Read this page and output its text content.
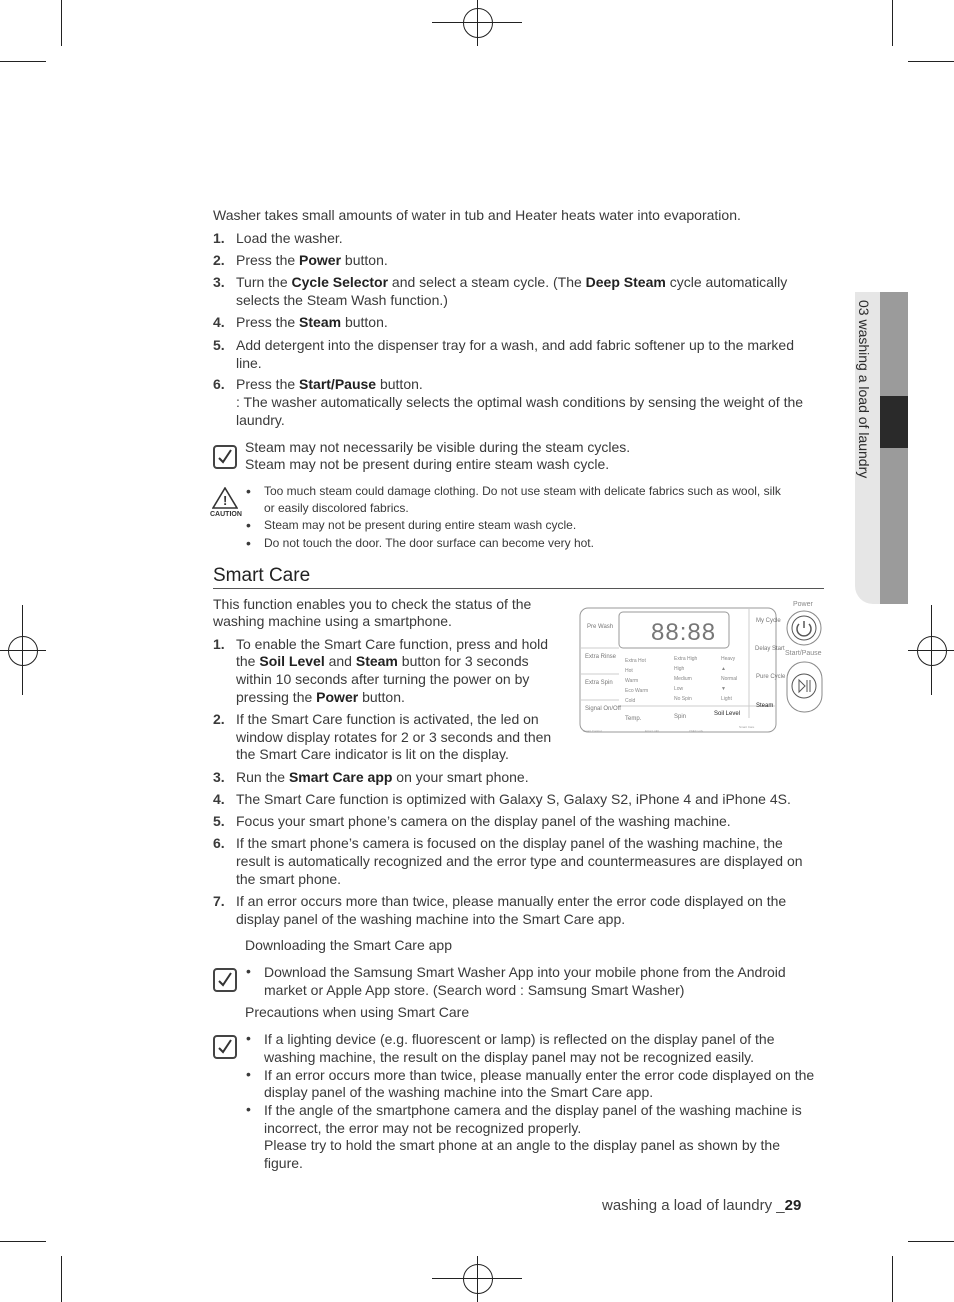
03 washing a load of laundry
Washer takes small amounts of water in tub and Heater heats water into evaporation.
1. Load the washer.
2. Press the Power button.
3. Turn the Cycle Selector and select a steam cycle. (The Deep Steam cycle automatically
selects the Steam Wash function.)
4. Press the Steam button.
5. Add detergent into the dispenser tray for a wash, and add fabric softener up to the marked
line.
6. Press the Start/Pause button.
: The washer automatically selects the optimal wash conditions by sensing the weight of the
laundry.
Steam may not necessarily be visible during the steam cycles.
Steam may not be present during entire steam wash cycle.
!
CAUTION
• Too much steam could damage clothing. Do not use steam with delicate fabrics such as wool, silk
or easily discolored fabrics.
• Steam may not be present during entire steam wash cycle.
• Do not touch the door. The door surface can become very hot.
Smart Care
This function enables you to check the status of the
washing machine using a smartphone.
1. To enable the Smart Care function, press and hold
the Soil Level and Steam button for 3 seconds
within 10 seconds after turning the power on by
pressing the Power button.
2. If the Smart Care function is activated, the led on
window display rotates for 2 or 3 seconds and then
the Smart Care indicator is lit on the display.
3. Run the Smart Care app on your smart phone.
4. The Smart Care function is optimized with Galaxy S, Galaxy S2, iPhone 4 and iPhone 4S.
5. Focus your smart phone’s camera on the display panel of the washing machine.
6. If the smart phone’s camera is focused on the display panel of the washing machine, the
result is automatically recognized and the error type and countermeasures are displayed on
the smart phone.
7. If an error occurs more than twice, please manually enter the error code displayed on the
display panel of the washing machine into the Smart Care app.
Downloading the Smart Care app
• Download the Samsung Smart Washer App into your mobile phone from the Android
market or Apple App store. (Search word : Samsung Smart Washer)
Precautions when using Smart Care
• If a lighting device (e.g. fluorescent or lamp) is reflected on the display panel of the
washing machine, the result on the display panel may not be recognized easily.
• If an error occurs more than twice, please manually enter the error code displayed on the
display panel of the washing machine into the Smart Care app.
• If the angle of the smartphone camera and the display panel of the washing machine is
incorrect, the error may not be recognized properly.
Please try to hold the smart phone at an angle to the display panel as shown by the
figure.
88:88
Pre Wash
Extra Rinse
Extra Spin
Signal On/Off
Extra Hot
Hot
Warm
Eco Warm
Cold
Extra High
High
Medium
Low
No Spin
Heavy
▲
Normal
▼
Light
Temp.	Spin	Soil Level
Steam
My Cycle
Delay Start
Pure Cycle
Smart Control	Error Light	Child Lock
Smart Care
Power
Start/Pause
washing a load of laundry _29
